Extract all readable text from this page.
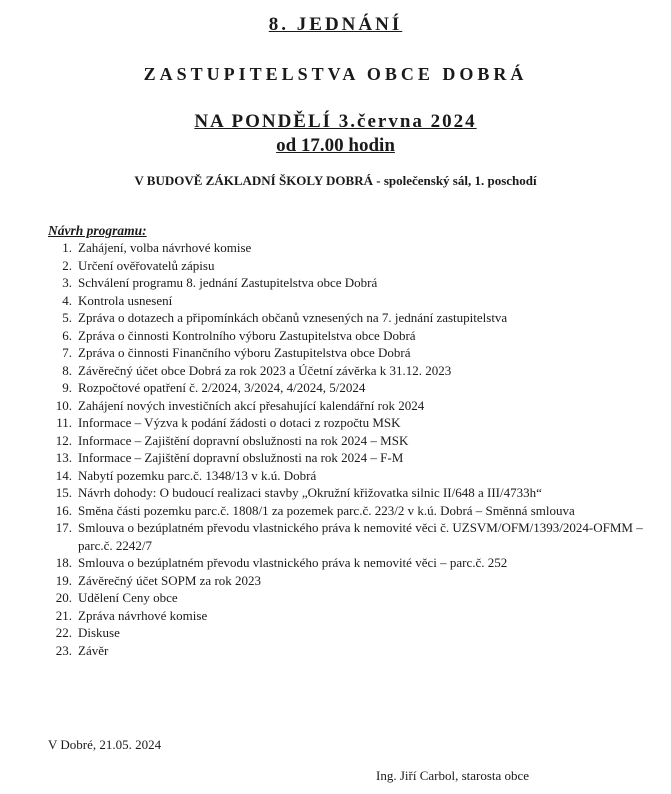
8. JEDNÁNÍ
ZASTUPITELSTVA OBCE DOBRÁ
NA PONDĚLÍ 3.června 2024
od 17.00 hodin
V BUDOVĚ ZÁKLADNÍ ŠKOLY DOBRÁ - společenský sál, 1. poschodí
Návrh programu:
1. Zahájení, volba návrhové komise
2. Určení ověřovatelů zápisu
3. Schválení programu 8. jednání Zastupitelstva obce Dobrá
4. Kontrola usnesení
5. Zpráva o dotazech a připomínkách občanů vznesených na 7. jednání zastupitelstva
6. Zpráva o činnosti Kontrolního výboru Zastupitelstva obce Dobrá
7. Zpráva o činnosti Finančního výboru Zastupitelstva obce Dobrá
8. Závěrečný účet obce Dobrá za rok 2023 a Účetní závěrka k 31.12. 2023
9. Rozpočtové opatření č. 2/2024, 3/2024, 4/2024, 5/2024
10. Zahájení nových investičních akcí přesahující kalendářní rok 2024
11. Informace – Výzva k podání žádosti o dotaci z rozpočtu MSK
12. Informace – Zajištění dopravní obslužnosti na rok 2024 – MSK
13. Informace – Zajištění dopravní obslužnosti na rok 2024 – F-M
14. Nabytí pozemku parc.č. 1348/13 v k.ú. Dobrá
15. Návrh dohody: O budoucí realizaci stavby „Okružní křižovatka silnic II/648 a III/4733h“
16. Směna části pozemku parc.č. 1808/1 za pozemek parc.č. 223/2 v k.ú. Dobrá – Směnná smlouva
17. Smlouva o bezúplatném převodu vlastnického práva k nemovité věci č. UZSVM/OFM/1393/2024-OFMM – parc.č. 2242/7
18. Smlouva o bezúplatném převodu vlastnického práva k nemovité věci – parc.č. 252
19. Závěrečný účet SOPM za rok 2023
20. Udělení Ceny obce
21. Zpráva návrhové komise
22. Diskuse
23. Závěr
V Dobré, 21.05. 2024
Ing. Jiří Carbol, starosta obce
